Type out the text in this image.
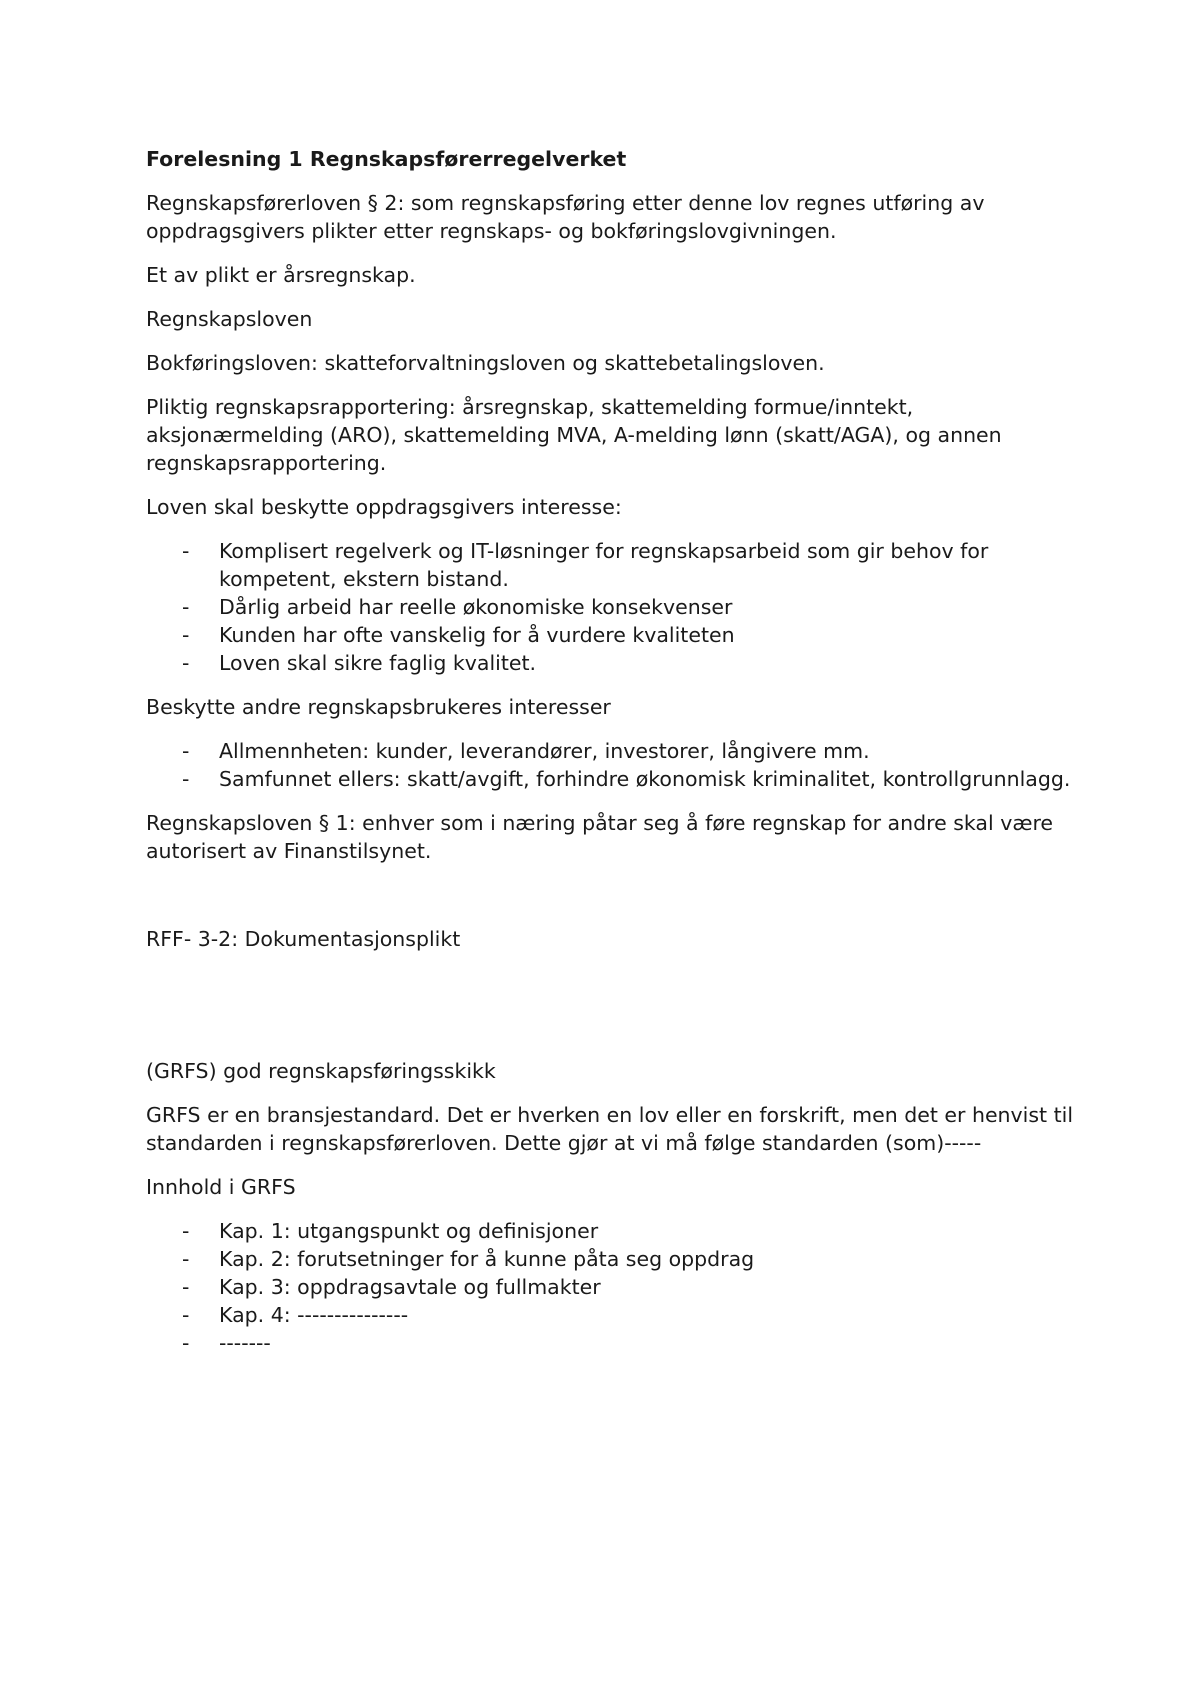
Forelesning 1 Regnskapsførerregelverket

Regnskapsførerloven § 2: som regnskapsføring etter denne lov regnes utføring av oppdragsgivers plikter etter regnskaps- og bokføringslovgivningen.

Et av plikt er årsregnskap.

Regnskapsloven

Bokføringsloven: skatteforvaltningsloven og skattebetalingsloven.

Pliktig regnskapsrapportering: årsregnskap, skattemelding formue/inntekt, aksjonærmelding (ARO), skattemelding MVA, A-melding lønn (skatt/AGA), og annen regnskapsrapportering.

Loven skal beskytte oppdragsgivers interesse:

- Komplisert regelverk og IT-løsninger for regnskapsarbeid som gir behov for kompetent, ekstern bistand.
- Dårlig arbeid har reelle økonomiske konsekvenser
- Kunden har ofte vanskelig for å vurdere kvaliteten
- Loven skal sikre faglig kvalitet.

Beskytte andre regnskapsbrukeres interesser

- Allmennheten: kunder, leverandører, investorer, långivere mm.
- Samfunnet ellers: skatt/avgift, forhindre økonomisk kriminalitet, kontrollgrunnlagg.

Regnskapsloven § 1: enhver som i næring påtar seg å føre regnskap for andre skal være autorisert av Finanstilsynet.

RFF- 3-2: Dokumentasjonsplikt

(GRFS) god regnskapsføringsskikk

GRFS er en bransjestandard. Det er hverken en lov eller en forskrift, men det er henvist til standarden i regnskapsførerloven. Dette gjør at vi må følge standarden (som)-----

Innhold i GRFS

- Kap. 1: utgangspunkt og definisjoner
- Kap. 2: forutsetninger for å kunne påta seg oppdrag
- Kap. 3: oppdragsavtale og fullmakter
- Kap. 4: ---------------
- -------
